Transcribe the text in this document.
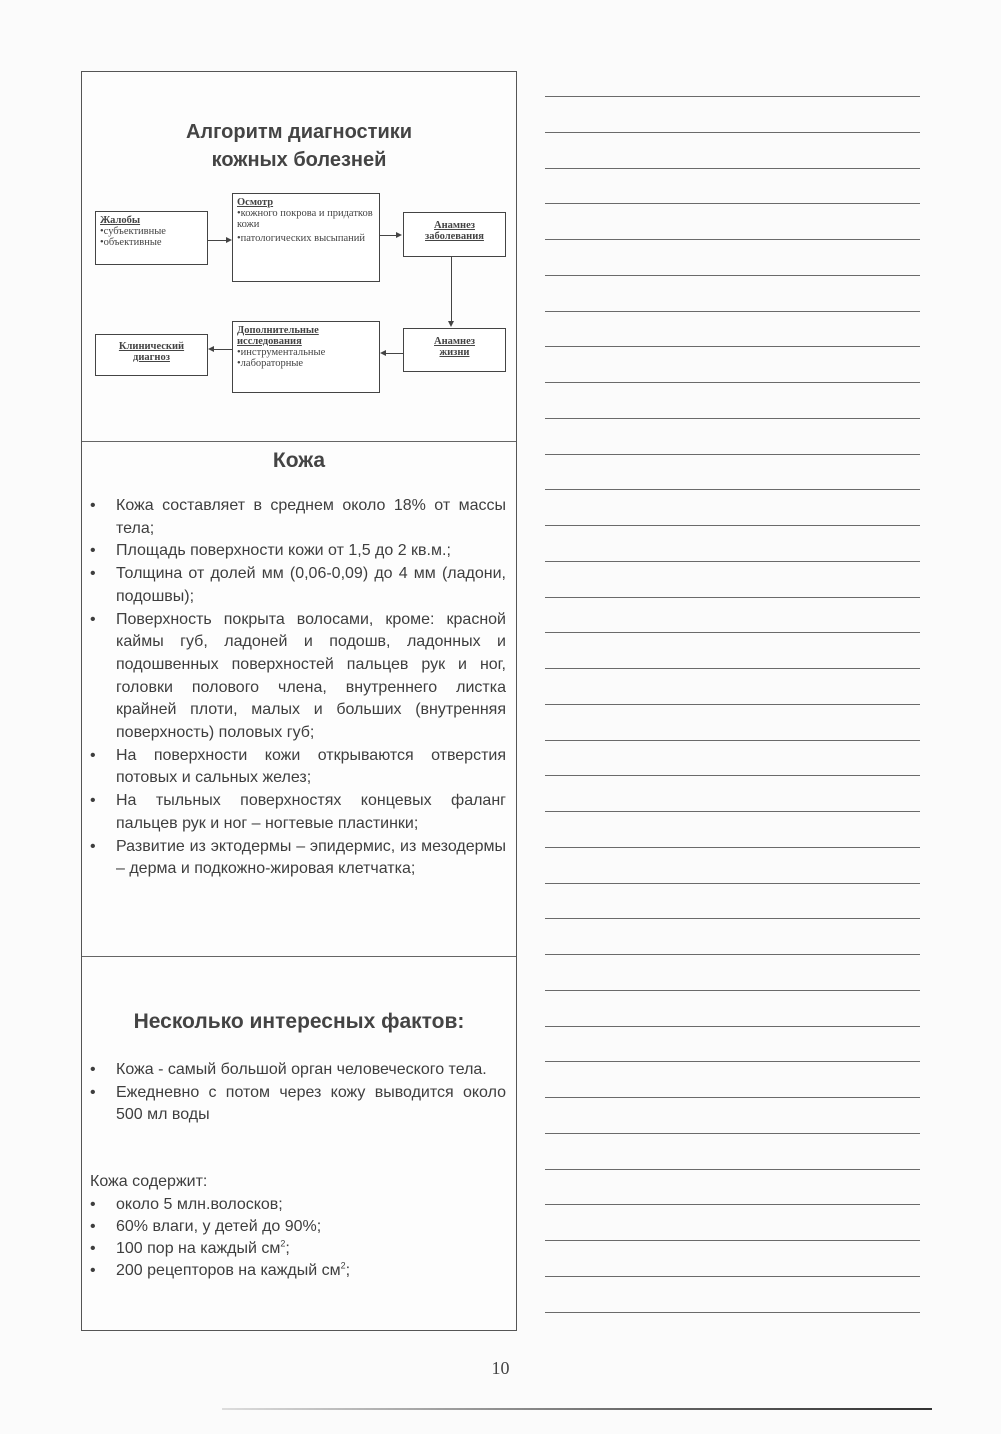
Алгоритм диагностики
кожных болезней
Жалобы
•субъективные
•объективные
Осмотр
•кожного покрова и придатков кожи
•патологических высыпаний
Анамнез
заболевания
Анамнез
жизни
Дополнительные
исследования
•инструментальные
•лабораторные
Клинический
диагноз
Кожа
• Кожа составляет в среднем около 18% от массы тела;
• Площадь поверхности кожи от 1,5 до 2 кв.м.;
• Толщина от долей мм (0,06-0,09) до 4 мм (ладони, подошвы);
• Поверхность покрыта волосами, кроме: красной каймы губ, ладоней и подошв, ладонных и подошвенных поверхностей пальцев рук и ног, головки полового члена, внутреннего листка крайней плоти, малых и больших (внутренняя поверхность) половых губ;
• На поверхности кожи открываются отверстия потовых и сальных желез;
• На тыльных поверхностях концевых фаланг пальцев рук и ног – ногтевые пластинки;
• Развитие из эктодермы – эпидермис, из мезодермы – дерма и подкожно-жировая клетчатка;
Несколько интересных фактов:
• Кожа - самый большой орган человеческого тела.
• Ежедневно с потом через кожу выводится около 500 мл воды
Кожа содержит:
• около 5 млн.волосков;
• 60% влаги, у детей до 90%;
• 100 пор на каждый $см^2$;
• 200 рецепторов на каждый $см^2$;
10
